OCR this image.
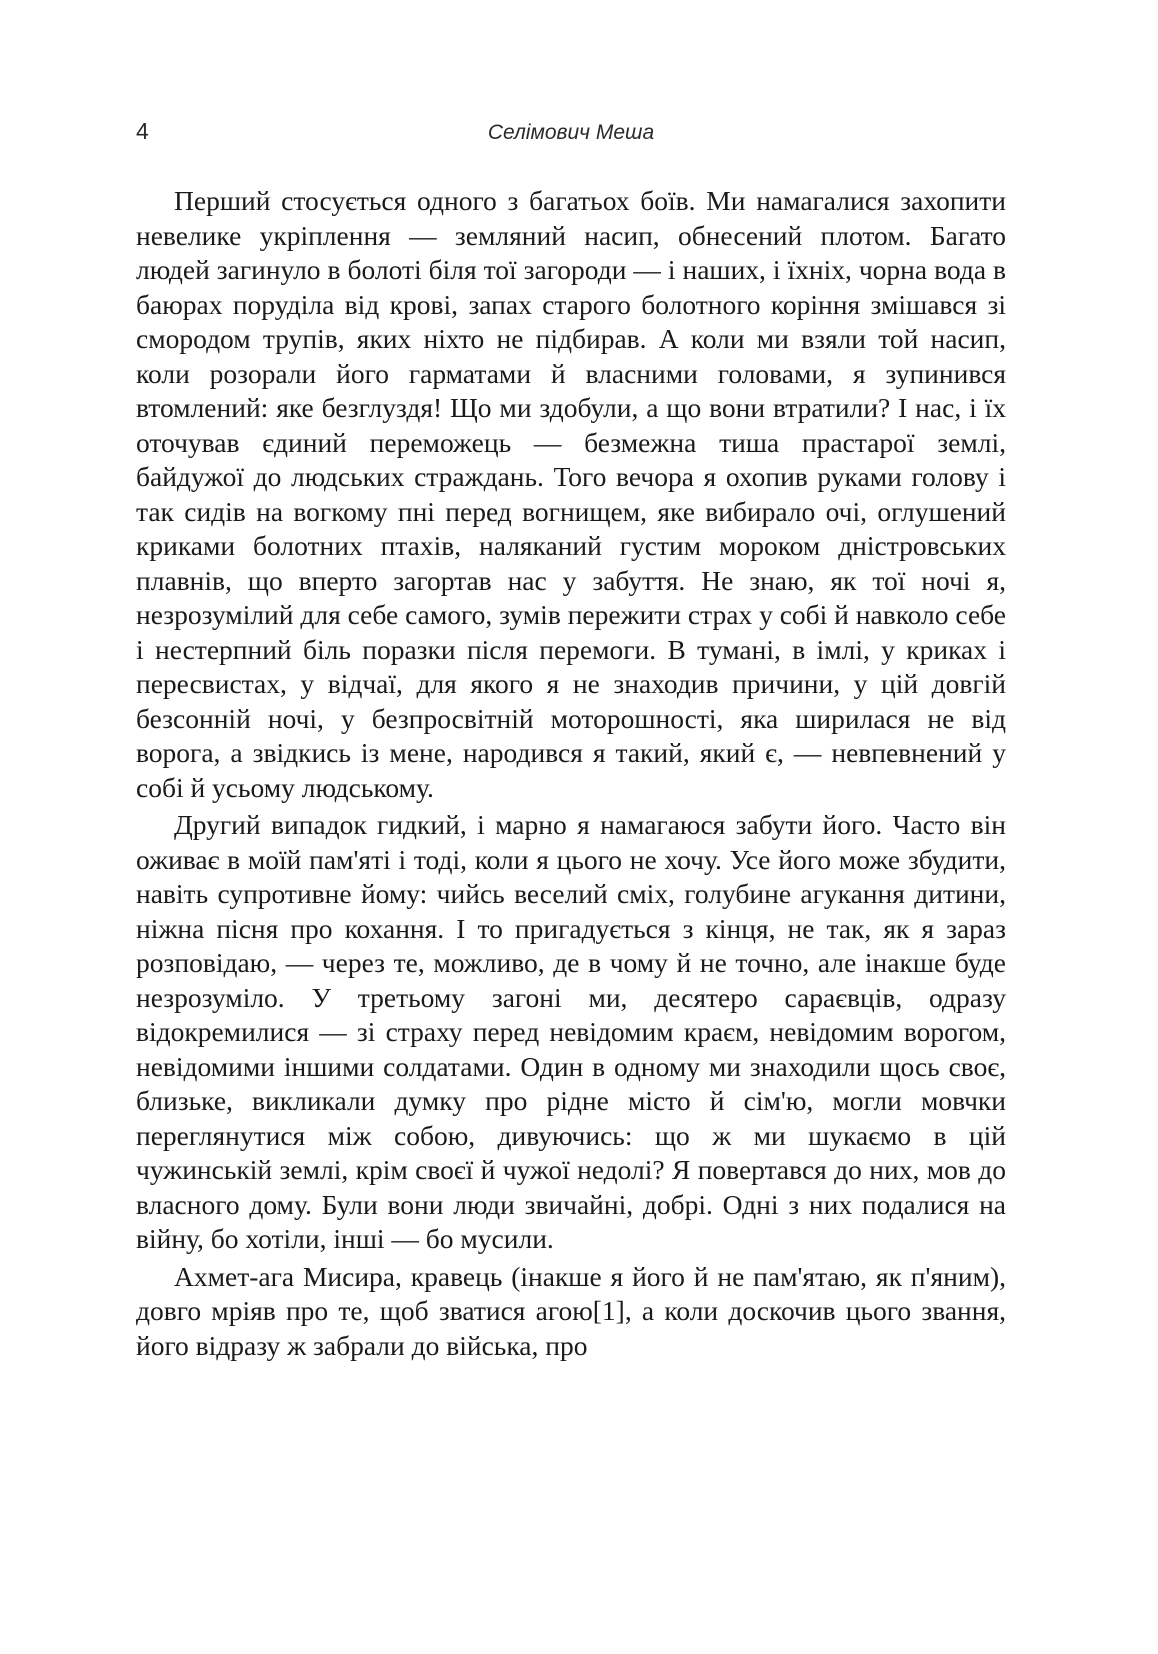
4	Селімович Меша

Перший стосується одного з багатьох боїв. Ми намагалися захопити невелике укріплення — земляний насип, обнесений плотом. Багато людей загинуло в болоті біля тої загороди — і наших, і їхніх, чорна вода в баюрах порудiла від крові, запах старого болотного коріння змішався зі смородом трупів, яких ніхто не підбирав. А коли ми взяли той насип, коли розорали його гарматами й власними головами, я зупинився втомлений: яке безглуздя! Що ми здобули, а що вони втратили? І нас, і їх оточував єдиний переможець — безмежна тиша прастарої землі, байдужої до людських страждань. Того вечора я охопив руками голову і так сидів на вогкому пні перед вогнищем, яке вибирало очі, оглушений криками болотних птахів, наляканий густим мороком дністровських плавнів, що вперто загортав нас у забуття. Не знаю, як тої ночі я, незрозумілий для себе самого, зумів пережити страх у собі й навколо себе і нестерпний біль поразки після перемоги. В тумані, в імлі, у криках і пересвистах, у відчаї, для якого я не знаходив причини, у цій довгій безсонній ночі, у безпросвітній моторошності, яка ширилася не від ворога, а звідкись із мене, народився я такий, який є, — невпевнений у собі й усьому людському.

Другий випадок гидкий, і марно я намагаюся забути його. Часто він оживає в моїй пам'яті і тоді, коли я цього не хочу. Усе його може збудити, навіть супротивне йому: чийсь веселий сміх, голубине агукання дитини, ніжна пісня про кохання. І то пригадується з кінця, не так, як я зараз розповідаю, — через те, можливо, де в чому й не точно, але інакше буде незрозуміло. У третьому загоні ми, десятеро сараєвців, одразу відокремилися — зі страху перед невідомим краєм, невідомим ворогом, невідомими іншими солдатами. Один в одному ми знаходили щось своє, близьке, викликали думку про рідне місто й сім'ю, могли мовчки переглянутися між собою, дивуючись: що ж ми шукаємо в цій чужинській землі, крім своєї й чужої недолі? Я повертався до них, мов до власного дому. Були вони люди звичайні, добрі. Одні з них подалися на війну, бо хотіли, інші — бо мусили.

Ахмет-ага Мисира, кравець (інакше я його й не пам'ятаю, як п'яним), довго мріяв про те, щоб зватися агою[1], а коли доскочив цього звання, його відразу ж забрали до війська, про
